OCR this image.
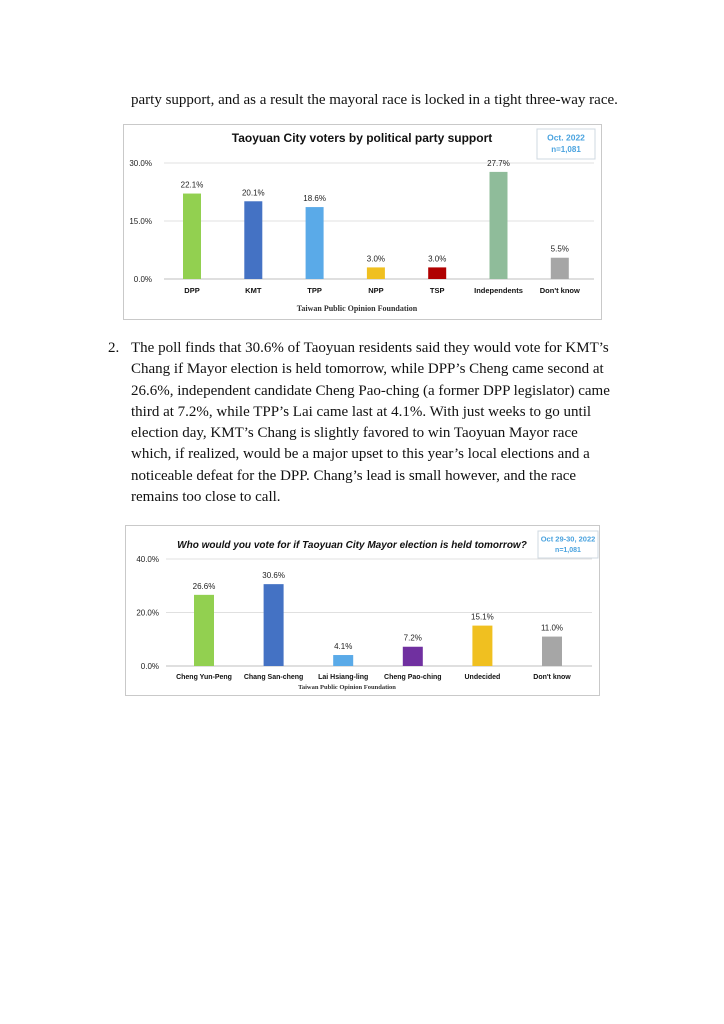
party support, and as a result the mayoral race is locked in a tight three-way race.
0.0%
15.0%
30.0%
Taoyuan City voters by political party support	Oct. 2022
n=1,081
22.1%
DPP
20.1%
KMT
18.6%
TPP
3.0%
NPP
3.0%
TSP
27.7%
Independents
5.5%
Don't know
Taiwan Public Opinion Foundation
2. The poll finds that 30.6% of Taoyuan residents said they would vote for KMT’s Chang if Mayor election is held tomorrow, while DPP’s Cheng came second at 26.6%, independent candidate Cheng Pao-ching (a former DPP legislator) came third at 7.2%, while TPP’s Lai came last at 4.1%. With just weeks to go until election day, KMT’s Chang is slightly favored to win Taoyuan Mayor race which, if realized, would be a major upset to this year’s local elections and a noticeable defeat for the DPP. Chang’s lead is small however, and the race remains too close to call.
0.0%
20.0%
40.0%
Who would you vote for if Taoyuan City Mayor election is held tomorrow?
Oct 29-30, 2022
n=1,081
26.6%
Cheng Yun-Peng
30.6%
Chang San-cheng
4.1%
Lai Hsiang-ling
7.2%
Cheng Pao-ching
15.1%
Undecided
11.0%
Don't know
Taiwan Public Opinion Foundation
